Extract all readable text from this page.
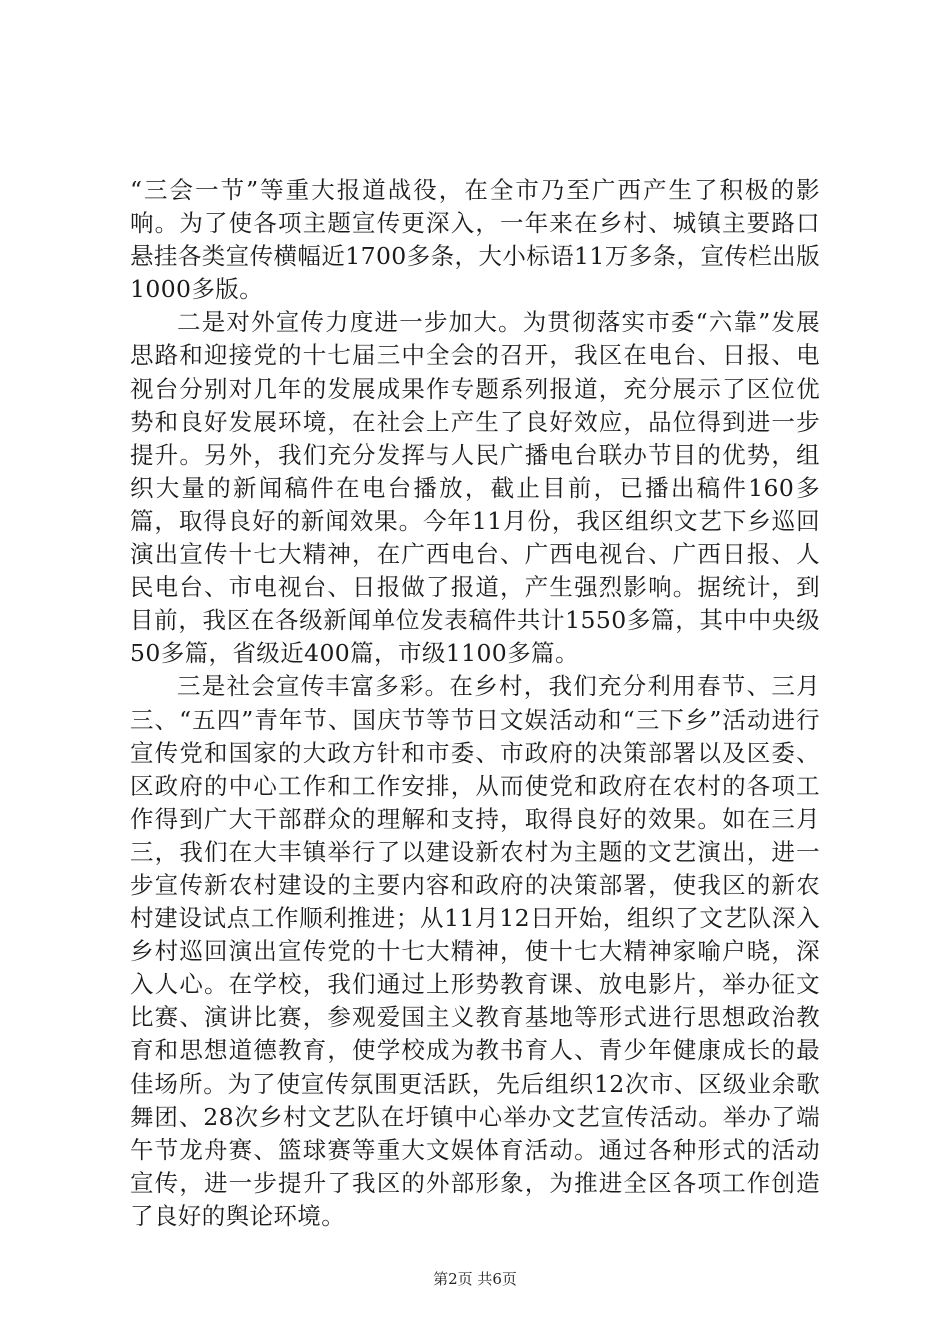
“三会一节”等重大报道战役，在全市乃至广西产生了积极的影响。为了使各项主题宣传更深入，一年来在乡村、城镇主要路口悬挂各类宣传横幅近1700多条，大小标语11万多条，宣传栏出版1000多版。

二是对外宣传力度进一步加大。为贯彻落实市委“六靠”发展思路和迎接党的十七届三中全会的召开，我区在电台、日报、电视台分别对几年的发展成果作专题系列报道，充分展示了区位优势和良好发展环境，在社会上产生了良好效应，品位得到进一步提升。另外，我们充分发挥与人民广播电台联办节目的优势，组织大量的新闻稿件在电台播放，截止目前，已播出稿件160多篇，取得良好的新闻效果。今年11月份，我区组织文艺下乡巡回演出宣传十七大精神，在广西电台、广西电视台、广西日报、人民电台、市电视台、日报做了报道，产生强烈影响。据统计，到目前，我区在各级新闻单位发表稿件共计1550多篇，其中中央级50多篇，省级近400篇，市级1100多篇。

三是社会宣传丰富多彩。在乡村，我们充分利用春节、三月三、“五四”青年节、国庆节等节日文娱活动和“三下乡”活动进行宣传党和国家的大政方针和市委、市政府的决策部署以及区委、区政府的中心工作和工作安排，从而使党和政府在农村的各项工作得到广大干部群众的理解和支持，取得良好的效果。如在三月三，我们在大丰镇举行了以建设新农村为主题的文艺演出，进一步宣传新农村建设的主要内容和政府的决策部署，使我区的新农村建设试点工作顺利推进；从11月12日开始，组织了文艺队深入乡村巡回演出宣传党的十七大精神，使十七大精神家喻户晓，深入人心。在学校，我们通过上形势教育课、放电影片，举办征文比赛、演讲比赛，参观爱国主义教育基地等形式进行思想政治教育和思想道德教育，使学校成为教书育人、青少年健康成长的最佳场所。为了使宣传氛围更活跃，先后组织12次市、区级业余歌舞团、28次乡村文艺队在圩镇中心举办文艺宣传活动。举办了端午节龙舟赛、篮球赛等重大文娱体育活动。通过各种形式的活动宣传，进一步提升了我区的外部形象，为推进全区各项工作创造了良好的舆论环境。

第2页 共6页
